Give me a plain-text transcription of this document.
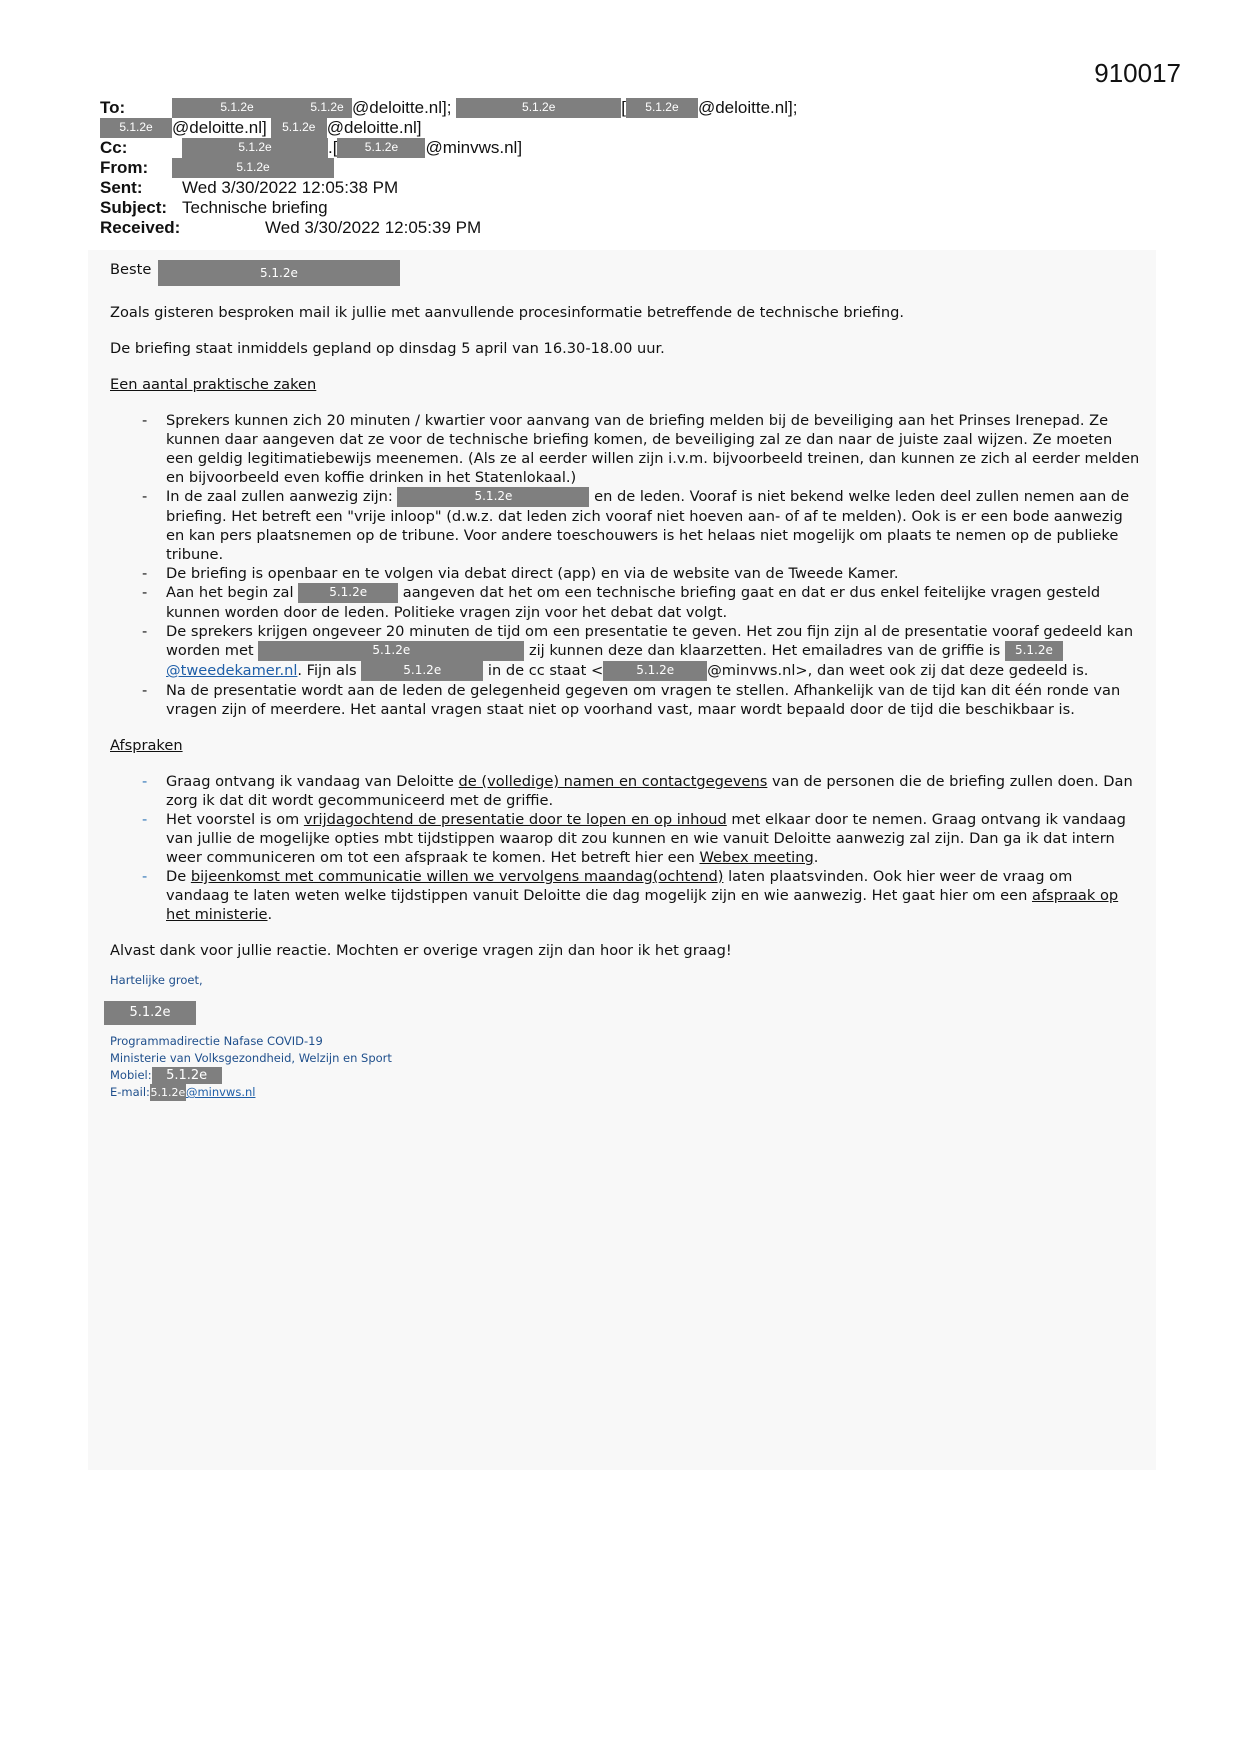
910017
To:	5.1.2e	5.1.2e @deloitte.nl];	5.1.2e	[ 5.1.2e @deloitte.nl];
5.1.2e @deloitte.nl] 5.1.2e @deloitte.nl]
Cc:	5.1.2e	.[ 5.1.2e @minvws.nl]
From:	5.1.2e
Sent: Wed 3/30/2022 12:05:38 PM
Subject: Technische briefing
Received:	Wed 3/30/2022 12:05:39 PM

Beste	5.1.2e

Zoals gisteren besproken mail ik jullie met aanvullende procesinformatie betreffende de technische briefing.

De briefing staat inmiddels gepland op dinsdag 5 april van 16.30-18.00 uur.

Een aantal praktische zaken

- Sprekers kunnen zich 20 minuten / kwartier voor aanvang van de briefing melden bij de beveiliging aan het Prinses Irenepad. Ze kunnen daar aangeven dat ze voor de technische briefing komen, de beveiliging zal ze dan naar de juiste zaal wijzen. Ze moeten een geldig legitimatiebewijs meenemen. (Als ze al eerder willen zijn i.v.m. bijvoorbeeld treinen, dan kunnen ze zich al eerder melden en bijvoorbeeld even koffie drinken in het Statenlokaal.)
- In de zaal zullen aanwezig zijn:	5.1.2e	en de leden. Vooraf is niet bekend welke leden deel zullen nemen aan de briefing. Het betreft een "vrije inloop" (d.w.z. dat leden zich vooraf niet hoeven aan- of af te melden). Ook is er een bode aanwezig en kan pers plaatsnemen op de tribune. Voor andere toeschouwers is het helaas niet mogelijk om plaats te nemen op de publieke tribune.
- De briefing is openbaar en te volgen via debat direct (app) en via de website van de Tweede Kamer.
- Aan het begin zal	5.1.2e aangeven dat het om een technische briefing gaat en dat er dus enkel feitelijke vragen gesteld kunnen worden door de leden. Politieke vragen zijn voor het debat dat volgt.
- De sprekers krijgen ongeveer 20 minuten de tijd om een presentatie te geven. Het zou fijn zijn al de presentatie vooraf gedeeld kan worden met	5.1.2e	zij kunnen deze dan klaarzetten. Het emailadres van de griffie is 5.1.2e@tweedekamer.nl. Fijn als	5.1.2e	in de cc staat <	5.1.2e @minvws.nl>, dan weet ook zij dat deze gedeeld is.
- Na de presentatie wordt aan de leden de gelegenheid gegeven om vragen te stellen. Afhankelijk van de tijd kan dit één ronde van vragen zijn of meerdere. Het aantal vragen staat niet op voorhand vast, maar wordt bepaald door de tijd die beschikbaar is.

Afspraken

- Graag ontvang ik vandaag van Deloitte de (volledige) namen en contactgegevens van de personen die de briefing zullen doen. Dan zorg ik dat dit wordt gecommuniceerd met de griffie.
- Het voorstel is om vrijdagochtend de presentatie door te lopen en op inhoud met elkaar door te nemen. Graag ontvang ik vandaag van jullie de mogelijke opties mbt tijdstippen waarop dit zou kunnen en wie vanuit Deloitte aanwezig zal zijn. Dan ga ik dat intern weer communiceren om tot een afspraak te komen. Het betreft hier een Webex meeting.
- De bijeenkomst met communicatie willen we vervolgens maandag(ochtend) laten plaatsvinden. Ook hier weer de vraag om vandaag te laten weten welke tijdstippen vanuit Deloitte die dag mogelijk zijn en wie aanwezig. Het gaat hier om een afspraak op het ministerie.

Alvast dank voor jullie reactie. Mochten er overige vragen zijn dan hoor ik het graag!

Hartelijke groet,
5.1.2e
Programmadirectie Nafase COVID-19
Ministerie van Volksgezondheid, Welzijn en Sport
Mobiel: 5.1.2e
E-mail:5.1.2e@minvws.nl
